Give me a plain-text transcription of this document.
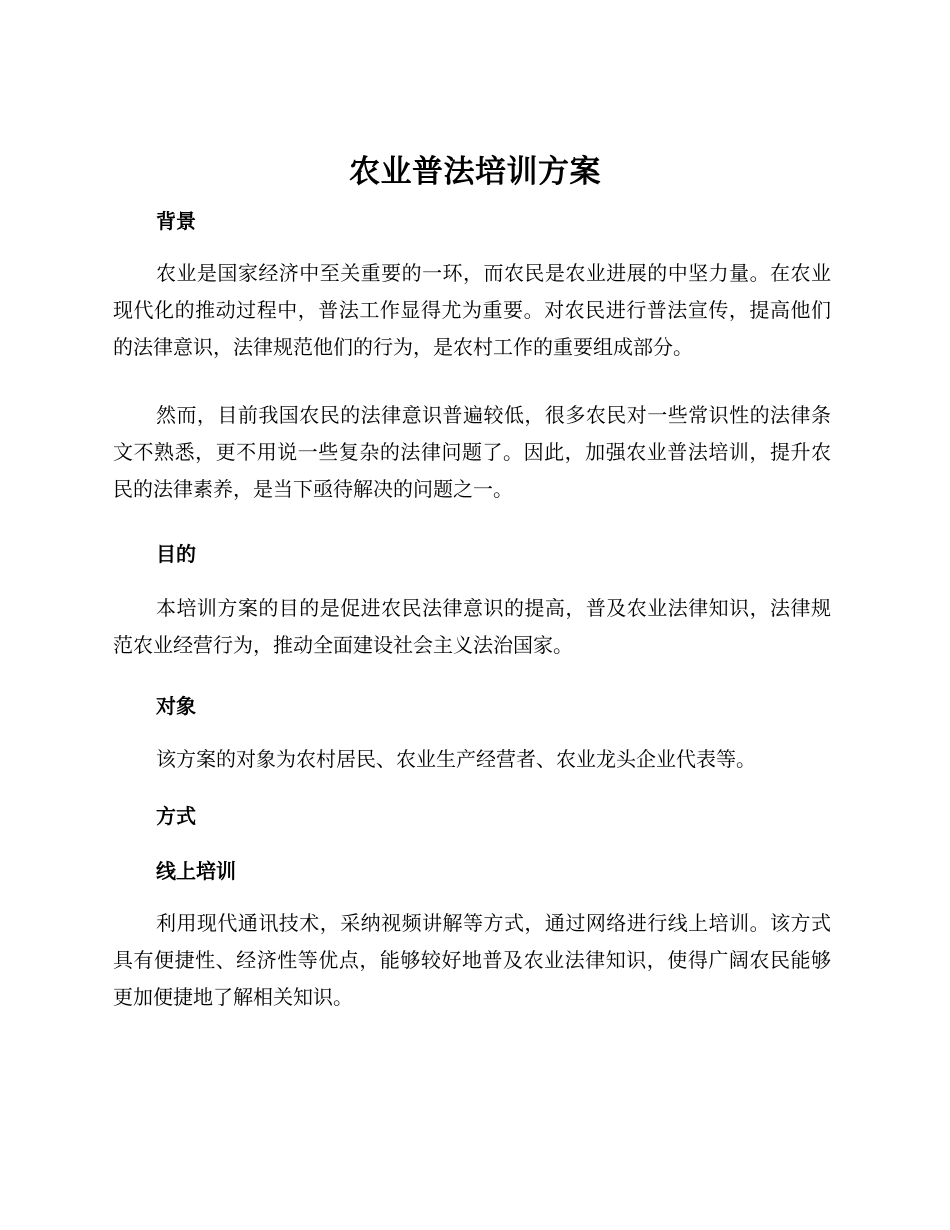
农业普法培训方案
背景
农业是国家经济中至关重要的一环，而农民是农业进展的中坚力量。在农业现代化的推动过程中，普法工作显得尤为重要。对农民进行普法宣传，提高他们的法律意识，法律规范他们的行为，是农村工作的重要组成部分。
然而，目前我国农民的法律意识普遍较低，很多农民对一些常识性的法律条文不熟悉，更不用说一些复杂的法律问题了。因此，加强农业普法培训，提升农民的法律素养，是当下亟待解决的问题之一。
目的
本培训方案的目的是促进农民法律意识的提高，普及农业法律知识，法律规范农业经营行为，推动全面建设社会主义法治国家。
对象
该方案的对象为农村居民、农业生产经营者、农业龙头企业代表等。
方式
线上培训
利用现代通讯技术，采纳视频讲解等方式，通过网络进行线上培训。该方式具有便捷性、经济性等优点，能够较好地普及农业法律知识，使得广阔农民能够更加便捷地了解相关知识。
